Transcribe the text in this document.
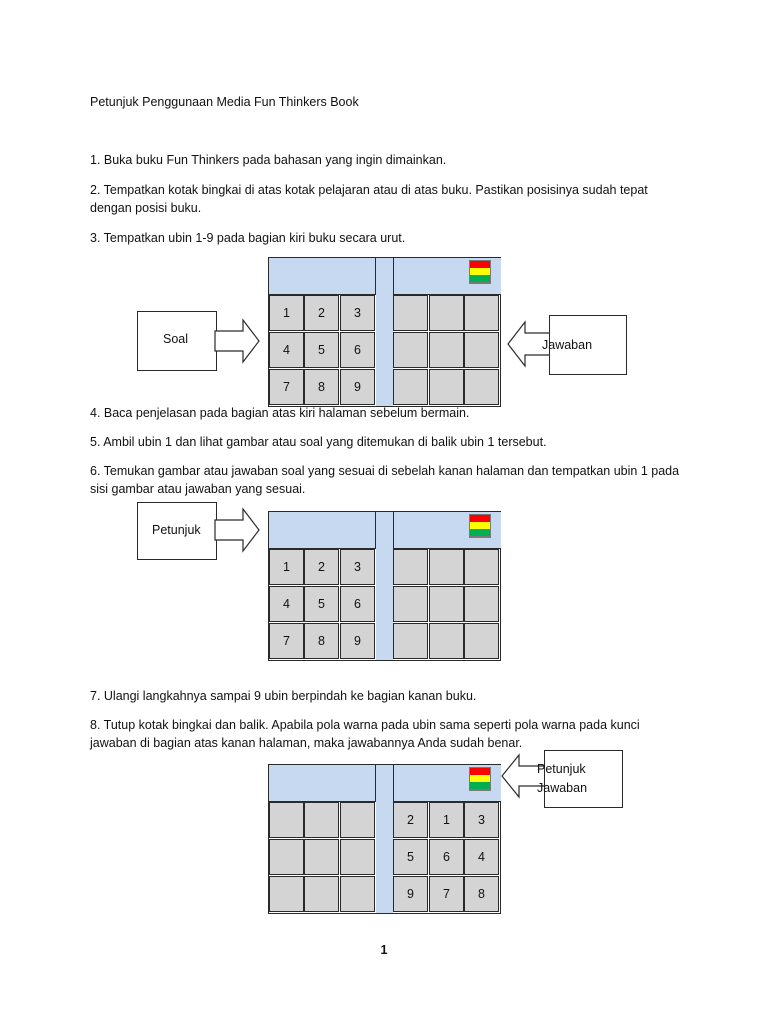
Petunjuk Penggunaan Media Fun Thinkers Book
1. Buka buku Fun Thinkers pada bahasan yang ingin dimainkan.
2. Tempatkan kotak bingkai di atas kotak pelajaran atau di atas buku. Pastikan posisinya sudah tepat dengan posisi buku.
3. Tempatkan ubin 1-9 pada bagian kiri buku secara urut.
1	2	3
4	5	6
7	8	9
Soal	Jawaban
4. Baca penjelasan pada bagian atas kiri halaman sebelum bermain.
5. Ambil ubin 1 dan lihat gambar atau soal yang ditemukan di balik ubin 1 tersebut.
6. Temukan gambar atau jawaban soal yang sesuai di sebelah kanan halaman dan tempatkan ubin 1 pada sisi gambar atau jawaban yang sesuai.
1	2	3
4	5	6
7	8	9
Petunjuk
7. Ulangi langkahnya sampai 9 ubin berpindah ke bagian kanan buku.
8. Tutup kotak bingkai dan balik. Apabila pola warna pada ubin sama seperti pola warna pada kunci jawaban di bagian atas kanan halaman, maka jawabannya Anda sudah benar.
2	1	3
5	6	4
9	7	8
Petunjuk
Jawaban
1
